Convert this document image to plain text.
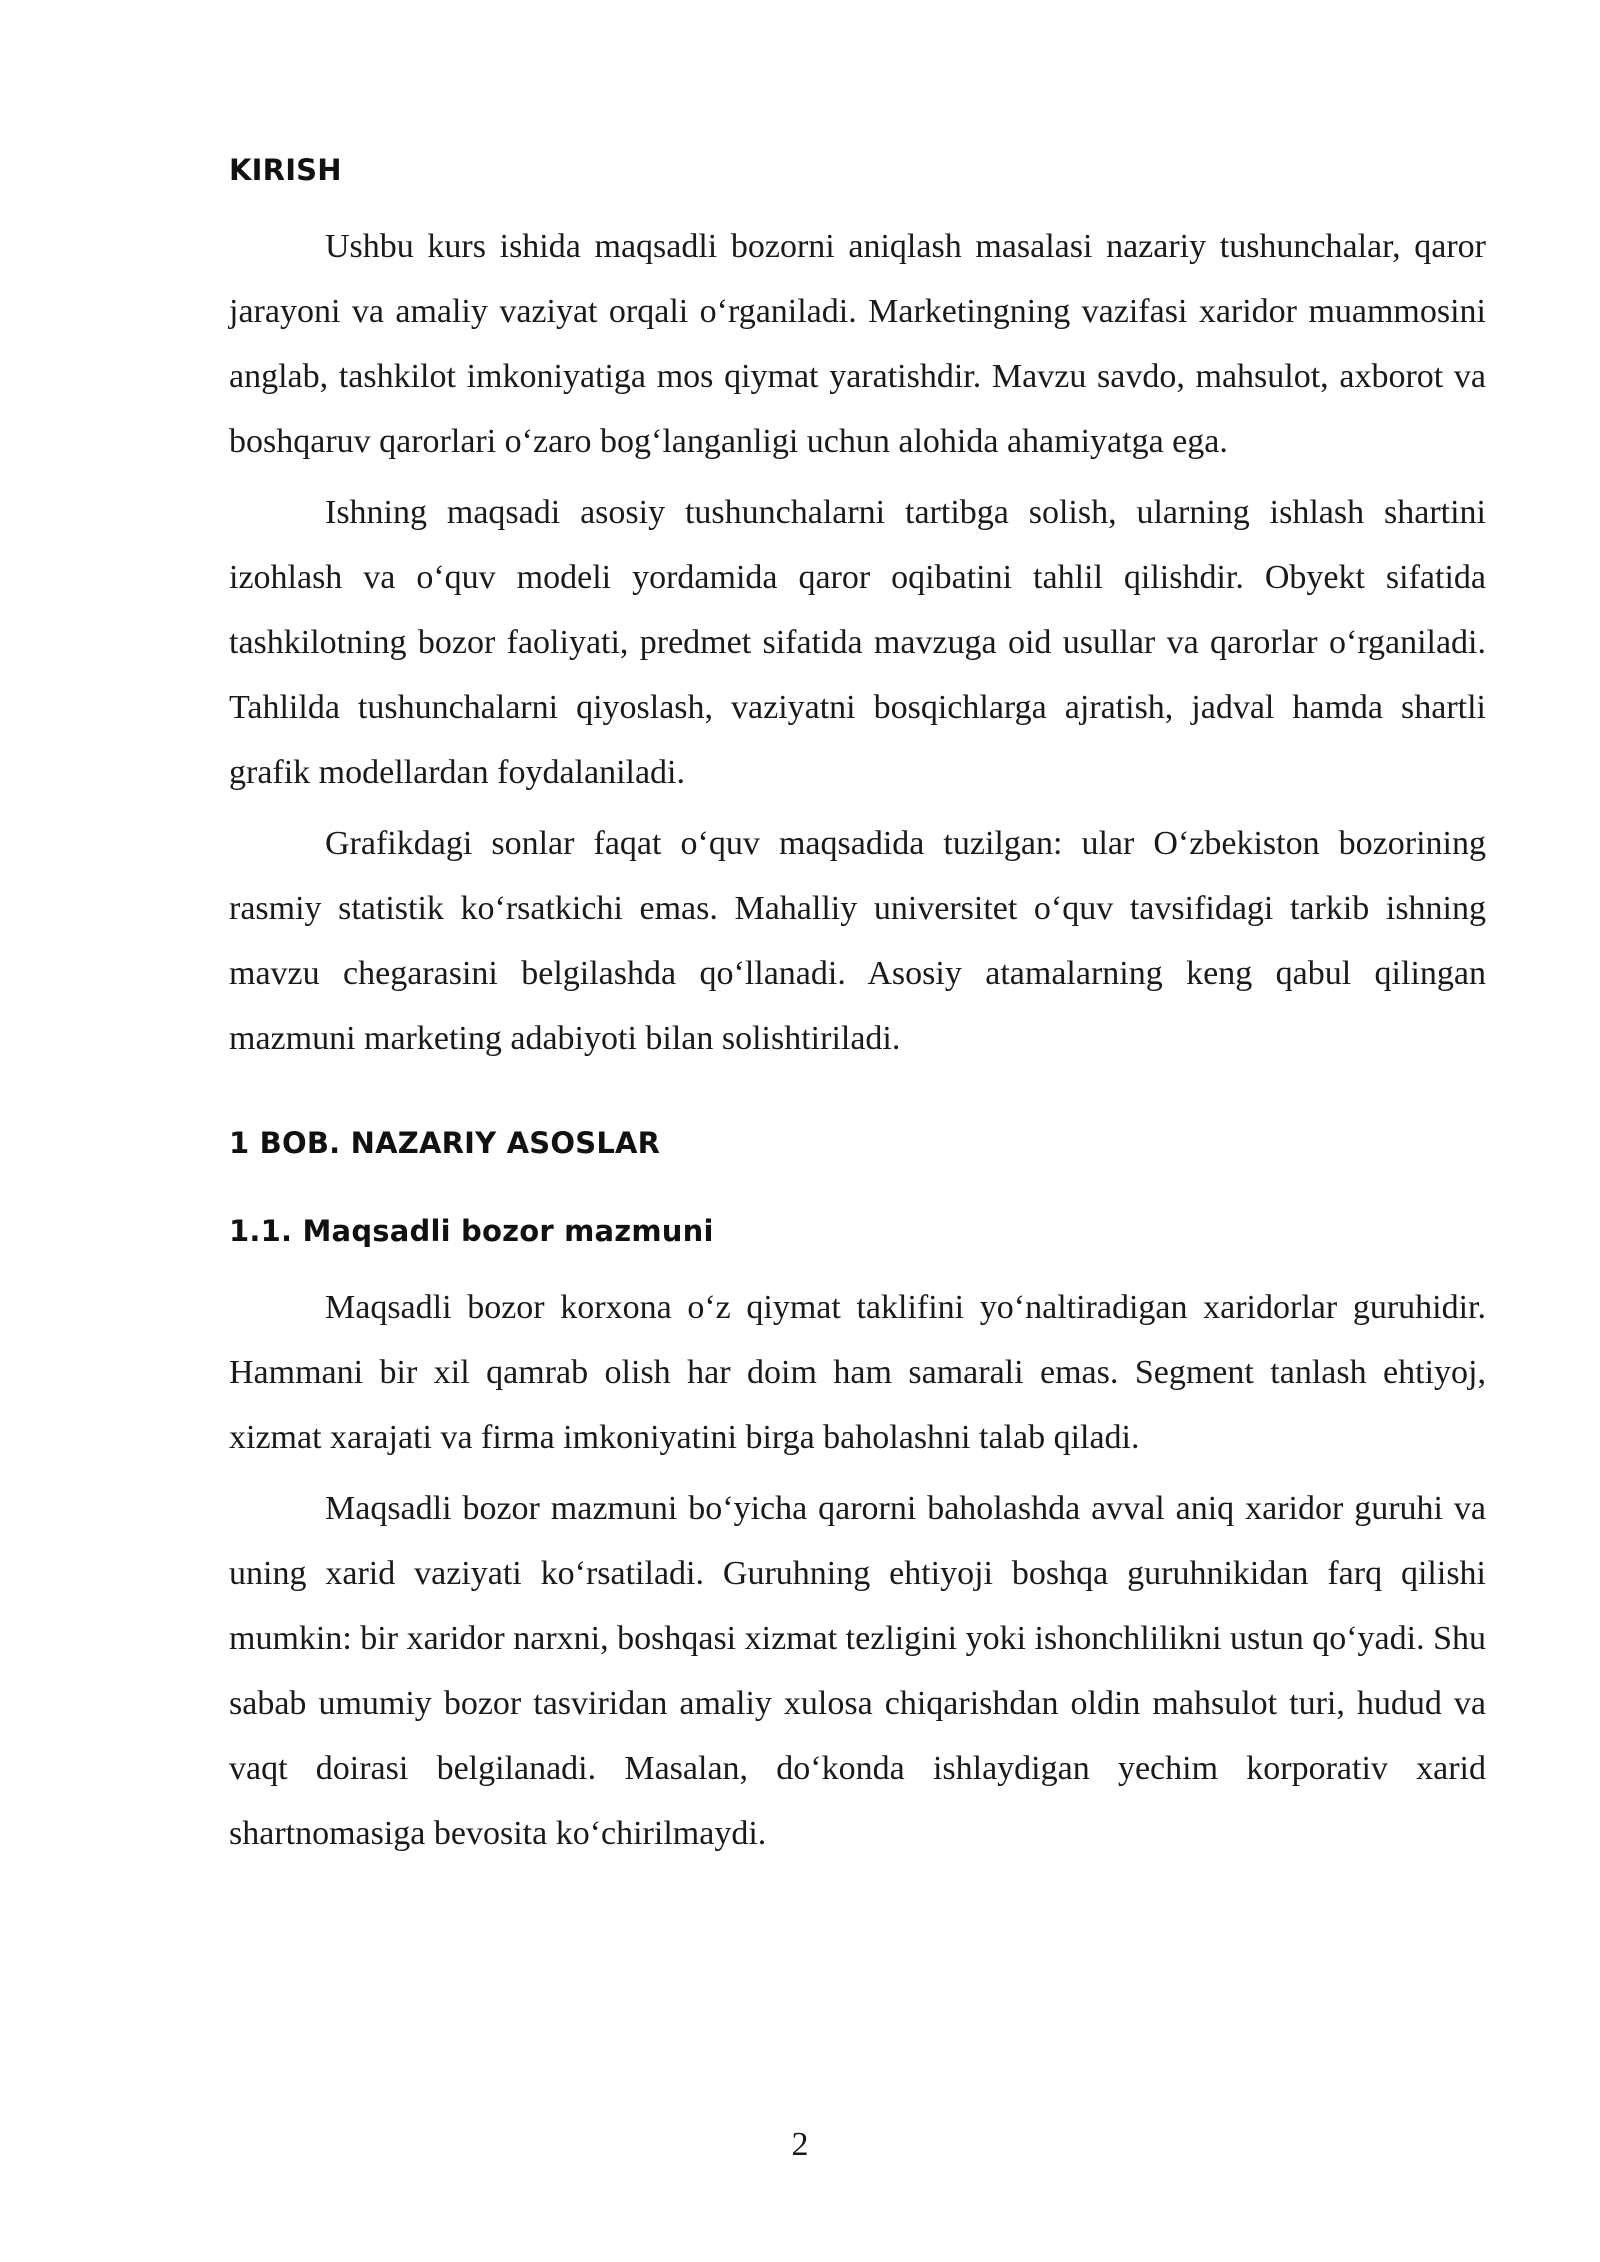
KIRISH

Ushbu kurs ishida maqsadli bozorni aniqlash masalasi nazariy tushunchalar, qaror jarayoni va amaliy vaziyat orqali o‘rganiladi. Marketingning vazifasi xaridor muammosini anglab, tashkilot imkoniyatiga mos qiymat yaratishdir. Mavzu savdo, mahsulot, axborot va boshqaruv qarorlari o‘zaro bog‘langanligi uchun alohida ahamiyatga ega.

Ishning maqsadi asosiy tushunchalarni tartibga solish, ularning ishlash shartini izohlash va o‘quv modeli yordamida qaror oqibatini tahlil qilishdir. Obyekt sifatida tashkilotning bozor faoliyati, predmet sifatida mavzuga oid usullar va qarorlar o‘rganiladi. Tahlilda tushunchalarni qiyoslash, vaziyatni bosqichlarga ajratish, jadval hamda shartli grafik modellardan foydalaniladi.

Grafikdagi sonlar faqat o‘quv maqsadida tuzilgan: ular O‘zbekiston bozorining rasmiy statistik ko‘rsatkichi emas. Mahalliy universitet o‘quv tavsifidagi tarkib ishning mavzu chegarasini belgilashda qo‘llanadi. Asosiy atamalarning keng qabul qilingan mazmuni marketing adabiyoti bilan solishtiriladi.

1 BOB. NAZARIY ASOSLAR
1.1. Maqsadli bozor mazmuni

Maqsadli bozor korxona o‘z qiymat taklifini yo‘naltiradigan xaridorlar guruhidir. Hammani bir xil qamrab olish har doim ham samarali emas. Segment tanlash ehtiyoj, xizmat xarajati va firma imkoniyatini birga baholashni talab qiladi.

Maqsadli bozor mazmuni bo‘yicha qarorni baholashda avval aniq xaridor guruhi va uning xarid vaziyati ko‘rsatiladi. Guruhning ehtiyoji boshqa guruhnikidan farq qilishi mumkin: bir xaridor narxni, boshqasi xizmat tezligini yoki ishonchlilikni ustun qo‘yadi. Shu sabab umumiy bozor tasviridan amaliy xulosa chiqarishdan oldin mahsulot turi, hudud va vaqt doirasi belgilanadi. Masalan, do‘konda ishlaydigan yechim korporativ xarid shartnomasiga bevosita ko‘chirilmaydi.

2
